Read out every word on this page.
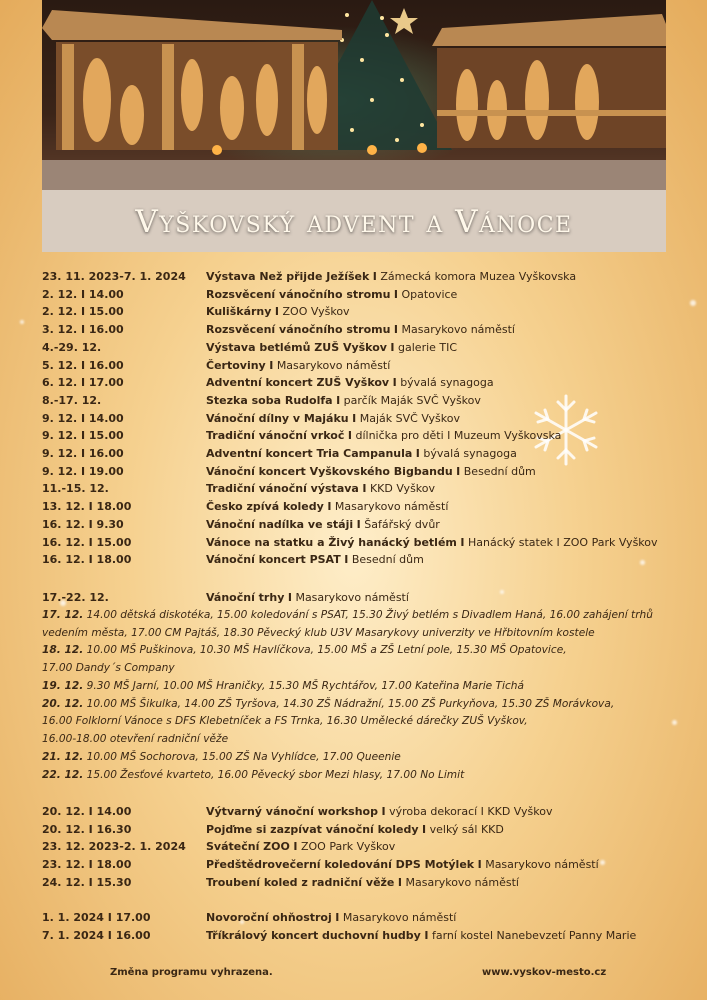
Vyškovský advent a Vánoce
23. 11. 2023-7. 1. 2024	Výstava Než přijde Ježíšek I Zámecká komora Muzea Vyškovska
2. 12. I 14.00	Rozsvěcení vánočního stromu I Opatovice
2. 12. I 15.00	Kuliškárny I ZOO Vyškov
3. 12. I 16.00	Rozsvěcení vánočního stromu I Masarykovo náměstí
4.-29. 12.	Výstava betlémů ZUŠ Vyškov I galerie TIC
5. 12. I 16.00	Čertoviny I Masarykovo náměstí
6. 12. I 17.00	Adventní koncert ZUŠ Vyškov I bývalá synagoga
8.-17. 12.	Stezka soba Rudolfa I parčík Maják SVČ Vyškov
9. 12. I 14.00	Vánoční dílny v Majáku I Maják SVČ Vyškov
9. 12. I 15.00	Tradiční vánoční vrkoč I dílnička pro děti I Muzeum Vyškovska
9. 12. I 16.00	Adventní koncert Tria Campanula I bývalá synagoga
9. 12. I 19.00	Vánoční koncert Vyškovského Bigbandu I Besední dům
11.-15. 12.	Tradiční vánoční výstava I KKD Vyškov
13. 12. I 18.00	Česko zpívá koledy I Masarykovo náměstí
16. 12. I 9.30	Vánoční nadílka ve stáji I Šafářský dvůr
16. 12. I 15.00	Vánoce na statku a Živý hanácký betlém I Hanácký statek I ZOO Park Vyškov
16. 12. I 18.00	Vánoční koncert PSAT I Besední dům
17.-22. 12.	Vánoční trhy I Masarykovo náměstí
17. 12. 14.00 dětská diskotéka, 15.00 koledování s PSAT, 15.30 Živý betlém s Divadlem Haná, 16.00 zahájení trhů
vedením města, 17.00 CM Pajtáš, 18.30 Pěvecký klub U3V Masarykovy univerzity ve Hřbitovním kostele
18. 12. 10.00 MŠ Puškinova, 10.30 MŠ Havlíčkova, 15.00 MŠ a ZŠ Letní pole, 15.30 MŠ Opatovice,
17.00 Dandy´s Company
19. 12. 9.30 MŠ Jarní, 10.00 MŠ Hraničky, 15.30 MŠ Rychtářov, 17.00 Kateřina Marie Tichá
20. 12. 10.00 MŠ Šikulka, 14.00 ZŠ Tyršova, 14.30 ZŠ Nádražní, 15.00 ZŠ Purkyňova, 15.30 ZŠ Morávkova,
16.00 Folklorní Vánoce s DFS Klebetníček a FS Trnka, 16.30 Umělecké dárečky ZUŠ Vyškov,
16.00-18.00 otevření radniční věže
21. 12. 10.00 MŠ Sochorova, 15.00 ZŠ Na Vyhlídce, 17.00 Queenie
22. 12. 15.00 Žesťové kvarteto, 16.00 Pěvecký sbor Mezi hlasy, 17.00 No Limit
20. 12. I 14.00	Výtvarný vánoční workshop I výroba dekorací I KKD Vyškov
20. 12. I 16.30	Pojďme si zazpívat vánoční koledy I velký sál KKD
23. 12. 2023-2. 1. 2024	Sváteční ZOO I ZOO Park Vyškov
23. 12. I 18.00	Předštědrovečerní koledování DPS Motýlek I Masarykovo náměstí
24. 12. I 15.30	Troubení koled z radniční věže I Masarykovo náměstí
1. 1. 2024 I 17.00	Novoroční ohňostroj I Masarykovo náměstí
7. 1. 2024 I 16.00	Tříkrálový koncert duchovní hudby I farní kostel Nanebevzetí Panny Marie
Změna programu vyhrazena.	www.vyskov-mesto.cz
